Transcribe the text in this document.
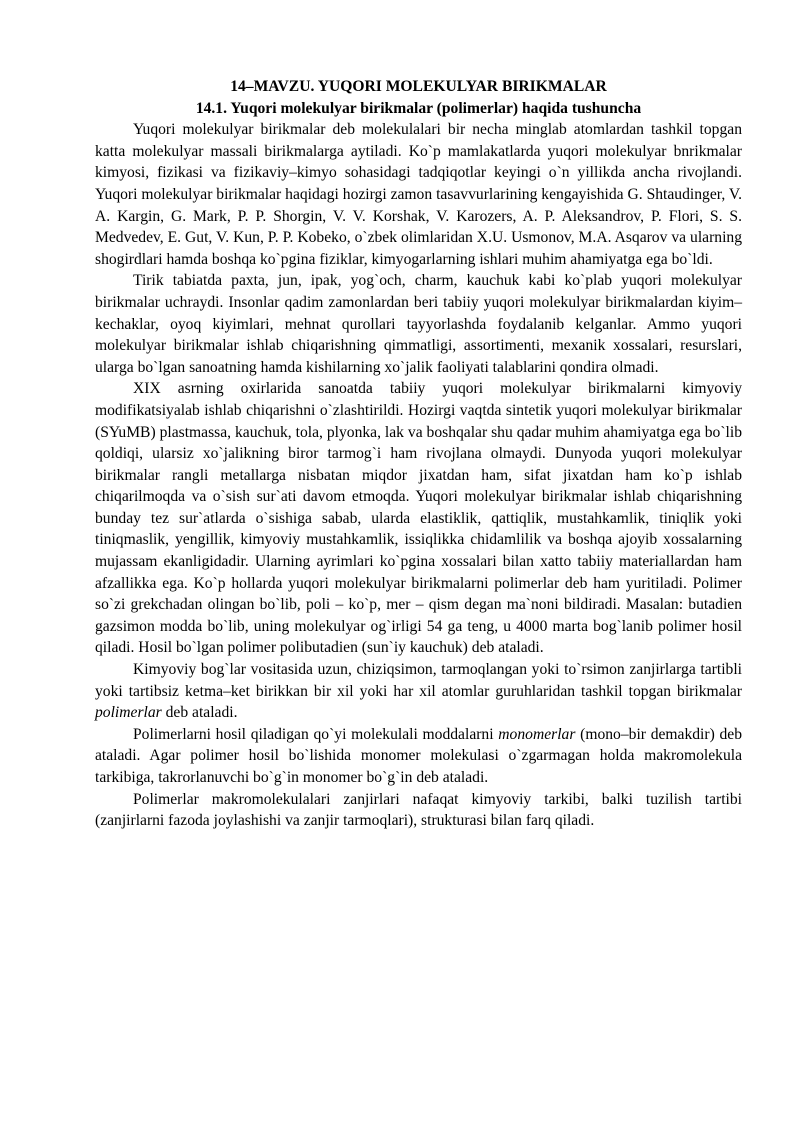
14–MAVZU. YUQORI MOLEKULYAR BIRIKMALAR
14.1. Yuqori molekulyar birikmalar (polimerlar) haqida tushuncha

Yuqori molekulyar birikmalar deb molekulalari bir necha minglab atomlardan tashkil topgan katta molekulyar massali birikmalarga aytiladi. Ko`p mamlakatlarda yuqori molekulyar bnrikmalar kimyosi, fizikasi va fizikaviy–kimyo sohasidagi tadqiqotlar keyingi o`n yillikda ancha rivojlandi. Yuqori molekulyar birikmalar haqidagi hozirgi zamon tasavvurlarining kengayishida G. Shtaudinger, V. A. Kargin, G. Mark, P. P. Shorgin, V. V. Korshak, V. Karozers, A. P. Aleksandrov, P. Flori, S. S. Medvedev, E. Gut, V. Kun, P. P. Kobeko, o`zbek olimlaridan X.U. Usmonov, M.A. Asqarov va ularning shogirdlari hamda boshqa ko`pgina fiziklar, kimyogarlarning ishlari muhim ahamiyatga ega bo`ldi.

Tirik tabiatda paxta, jun, ipak, yog`och, charm, kauchuk kabi ko`plab yuqori molekulyar birikmalar uchraydi. Insonlar qadim zamonlardan beri tabiiy yuqori molekulyar birikmalardan kiyim–kechaklar, oyoq kiyimlari, mehnat qurollari tayyorlashda foydalanib kelganlar. Ammo yuqori molekulyar birikmalar ishlab chiqarishning qimmatligi, assortimenti, mexanik xossalari, resurslari, ularga bo`lgan sanoatning hamda kishilarning xo`jalik faoliyati talablarini qondira olmadi.

XIX asrning oxirlarida sanoatda tabiiy yuqori molekulyar birikmalarni kimyoviy modifikatsiyalab ishlab chiqarishni o`zlashtirildi. Hozirgi vaqtda sintetik yuqori molekulyar birikmalar (SYuMB) plastmassa, kauchuk, tola, plyonka, lak va boshqalar shu qadar muhim ahamiyatga ega bo`lib qoldiqi, ularsiz xo`jalikning biror tarmog`i ham rivojlana olmaydi. Dunyoda yuqori molekulyar birikmalar rangli metallarga nisbatan miqdor jixatdan ham, sifat jixatdan ham ko`p ishlab chiqarilmoqda va o`sish sur`ati davom etmoqda. Yuqori molekulyar birikmalar ishlab chiqarishning bunday tez sur`atlarda o`sishiga sabab, ularda elastiklik, qattiqlik, mustahkamlik, tiniqlik yoki tiniqmaslik, yengillik, kimyoviy mustahkamlik, issiqlikka chidamlilik va boshqa ajoyib xossalarning mujassam ekanligidadir. Ularning ayrimlari ko`pgina xossalari bilan xatto tabiiy materiallardan ham afzallikka ega. Ko`p hollarda yuqori molekulyar birikmalarni polimerlar deb ham yuritiladi. Polimer so`zi grekchadan olingan bo`lib, poli – ko`p, mer – qism degan ma`noni bildiradi. Masalan: butadien gazsimon modda bo`lib, uning molekulyar og`irligi 54 ga teng, u 4000 marta bog`lanib polimer hosil qiladi. Hosil bo`lgan polimer polibutadien (sun`iy kauchuk) deb ataladi.

Kimyoviy bog`lar vositasida uzun, chiziqsimon, tarmoqlangan yoki to`rsimon zanjirlarga tartibli yoki tartibsiz ketma–ket birikkan bir xil yoki har xil atomlar guruhlaridan tashkil topgan birikmalar polimerlar deb ataladi.

Polimerlarni hosil qiladigan qo`yi molekulali moddalarni monomerlar (mono–bir demakdir) deb ataladi. Agar polimer hosil bo`lishida monomer molekulasi o`zgarmagan holda makromolekula tarkibiga, takrorlanuvchi bo`g`in monomer bo`g`in deb ataladi.

Polimerlar makromolekulalari zanjirlari nafaqat kimyoviy tarkibi, balki tuzilish tartibi (zanjirlarni fazoda joylashishi va zanjir tarmoqlari), strukturasi bilan farq qiladi.
